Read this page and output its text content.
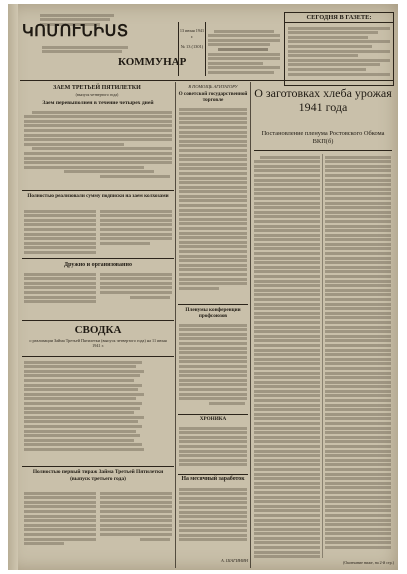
ԿՈՄՈՒՆԻՍՏ
КОММУНАР
13 июня 1941 г.
№ 13 (1301)
СЕГОДНЯ В ГАЗЕТЕ:
ЗАЕМ ТРЕТЬЕЙ ПЯТИЛЕТКИ
(выпуск четвертого года)
Заем перевыполнен в течение четырех дней
Полностью реализовали сумму подписки на заем колхозами
Дружно и организованно
СВОДКА
о реализации Займа Третьей Пятилетки (выпуск четвертого года) на 11 июня 1941 г.
Полностью первый тираж Займа Третьей Пятилетки (выпуск третьего года)
В ПОМОЩЬ АГИТАТОРУ
О советской государственной торговле
Пленумы конференции профсоюзов
ХРОНИКА
На месячный заработок
А. ШАГИНЯН
О заготовках хлеба урожая 1941 года
Постановление пленума Ростовского Обкома ВКП(б)
(Окончание ниже, на 2-й стр.)
